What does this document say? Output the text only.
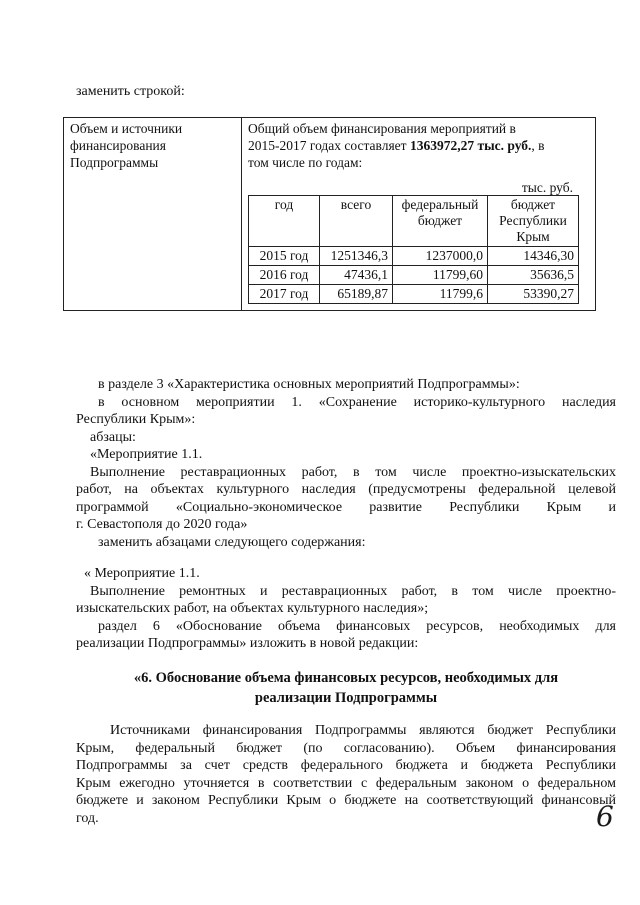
заменить строкой:
Объем и источники
финансирования
Подпрограммы

Общий объем финансирования мероприятий в
2015-2017 годах составляет 1363972,27 тыс. руб., в
том числе по годам:
тыс. руб.
год	всего	федеральный бюджет	бюджет Республики Крым
2015 год	1251346,3	1237000,0	14346,30
2016 год	47436,1	11799,60	35636,5
2017 год	65189,87	11799,6	53390,27

в разделе 3 «Характеристика основных мероприятий Подпрограммы»:

в основном мероприятии 1. «Сохранение историко-культурного наследия

Республики Крым»:

абзацы:

«Мероприятие 1.1.

Выполнение реставрационных работ, в том числе проектно-изыскательских

работ, на объектах культурного наследия (предусмотрены федеральной целевой

программой «Социально-экономическое развитие Республики Крым и

г. Севастополя до 2020 года»

заменить абзацами следующего содержания:

« Мероприятие 1.1.

Выполнение ремонтных и реставрационных работ, в том числе проектно-

изыскательских работ, на объектах культурного наследия»;

раздел 6 «Обоснование объема финансовых ресурсов, необходимых для

реализации Подпрограммы» изложить в новой редакции:

«6. Обоснование объема финансовых ресурсов, необходимых для
реализации Подпрограммы

Источниками финансирования Подпрограммы являются бюджет Республики

Крым, федеральный бюджет (по согласованию). Объем финансирования

Подпрограммы за счет средств федерального бюджета и бюджета Республики

Крым ежегодно уточняется в соответствии с федеральным законом о федеральном

бюджете и законом Республики Крым о бюджете на соответствующий финансовый

год.	6
